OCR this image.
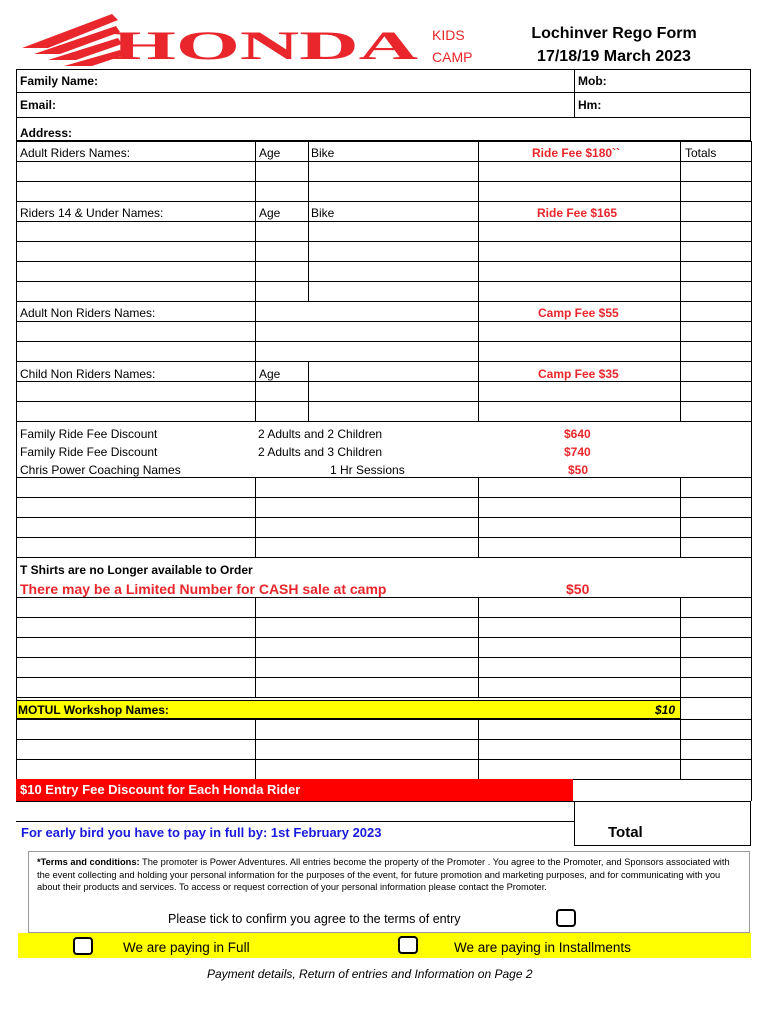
HONDA KIDS
CAMP
Lochinver Rego Form
17/18/19 March 2023
Family Name:	Mob:
Email:	Hm:
Address:
Adult Riders Names:	Age	Bike	Ride Fee $180``	Totals
Riders 14 & Under Names:	Age	Bike	Ride Fee $165
Adult Non Riders Names:	Camp Fee $55
Child Non Riders Names:	Age	Camp Fee $35
Family Ride Fee Discount	2 Adults and 2 Children	$640
Family Ride Fee Discount	2 Adults and 3 Children	$740
Chris Power Coaching Names	1 Hr Sessions	$50
T Shirts are no Longer available to Order
There may be a Limited Number for CASH sale at camp	$50
MOTUL Workshop Names:	$10
$10 Entry Fee Discount for Each Honda Rider
For early bird you have to pay in full by: 1st February 2023	Total
*Terms and conditions: The promoter is Power Adventures. All entries become the property of the Promoter . You agree to the Promoter, and Sponsors associated with the event collecting and holding your personal information for the purposes of the event, for future promotion and marketing purposes, and for communicating with you about their products and services. To access or request correction of your personal information please contact the Promoter.
Please tick to confirm you agree to the terms of entry
We are paying in Full	We are paying in Installments
Payment details, Return of entries and Information on Page 2
